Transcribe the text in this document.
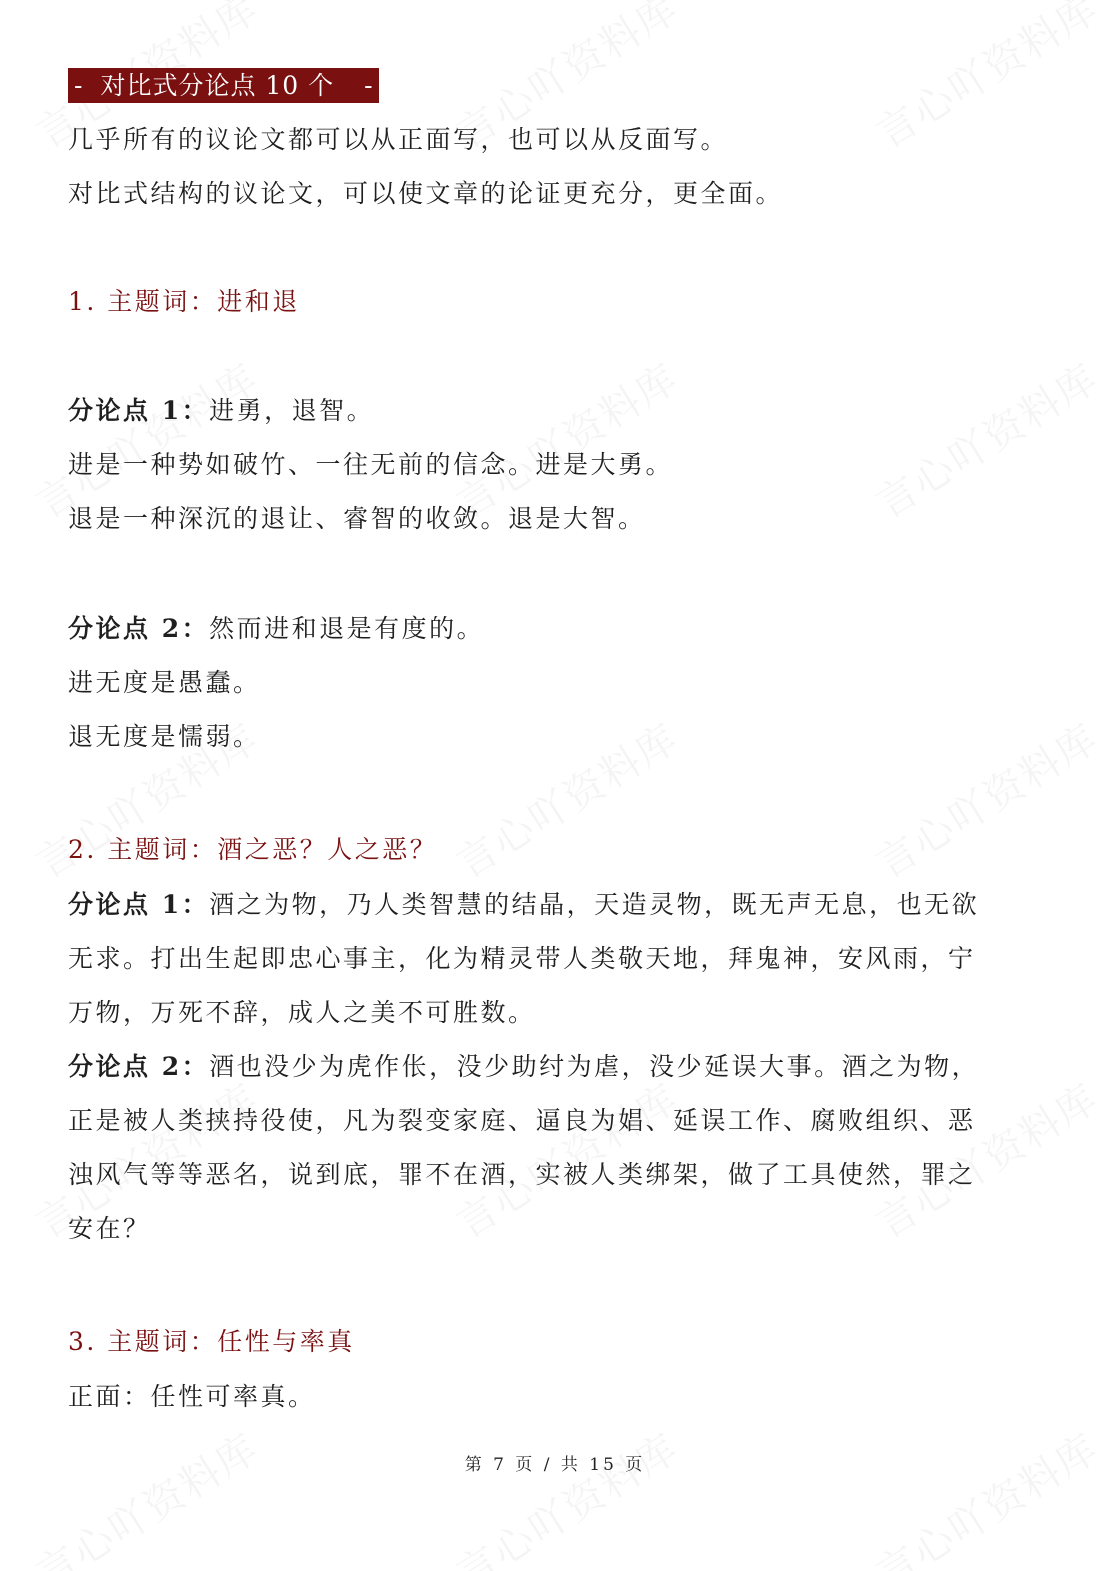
- 对比式分论点 10 个 -
几乎所有的议论文都可以从正面写，也可以从反面写。
对比式结构的议论文，可以使文章的论证更充分，更全面。
1. 主题词：进和退
分论点 1：进勇，退智。
进是一种势如破竹、一往无前的信念。进是大勇。
退是一种深沉的退让、睿智的收敛。退是大智。
分论点 2：然而进和退是有度的。
进无度是愚蠢。
退无度是懦弱。
2. 主题词：酒之恶？人之恶？
分论点 1：酒之为物，乃人类智慧的结晶，天造灵物，既无声无息，也无欲
无求。打出生起即忠心事主，化为精灵带人类敬天地，拜鬼神，安风雨，宁
万物，万死不辞，成人之美不可胜数。
分论点 2：酒也没少为虎作伥，没少助纣为虐，没少延误大事。酒之为物，
正是被人类挟持役使，凡为裂变家庭、逼良为娼、延误工作、腐败组织、恶
浊风气等等恶名，说到底，罪不在酒，实被人类绑架，做了工具使然，罪之
安在？
3. 主题词：任性与率真
正面：任性可率真。
第 7 页 / 共 15 页
